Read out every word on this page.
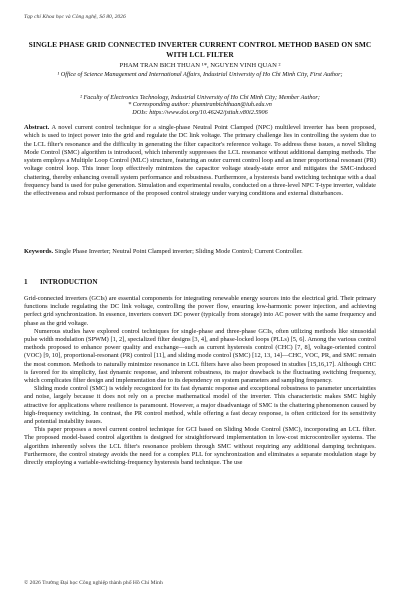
Tạp chí Khoa học và Công nghệ, Số 80, 2026
SINGLE PHASE GRID CONNECTED INVERTER CURRENT CONTROL METHOD BASED ON SMC WITH LCL FILTER
PHAM TRAN BICH THUAN ¹*, NGUYEN VINH QUAN ²
¹ Office of Science Management and International Affairs, Industrial University of Ho Chi Minh City, First Author;
² Faculty of Electronics Technology, Industrial University of Ho Chi Minh City; Member Author;
* Corresponding author: phamtranbichthuan@iuh.edu.vn
DOIs: https://www.doi.org/10.46242/jstiuh.v80i2.5906
Abstract. A novel current control technique for a single-phase Neutral Point Clamped (NPC) multilevel inverter has been proposed, which is used to inject power into the grid and regulate the DC link voltage. The primary challenge lies in controlling the system due to the LCL filter's resonance and the difficulty in generating the filter capacitor's reference voltage. To address these issues, a novel Sliding Mode Control (SMC) algorithm is introduced, which inherently suppresses the LCL resonance without additional damping methods. The system employs a Multiple Loop Control (MLC) structure, featuring an outer current control loop and an inner proportional resonant (PR) voltage control loop. This inner loop effectively minimizes the capacitor voltage steady-state error and mitigates the SMC-induced chattering, thereby enhancing overall system performance and robustness. Furthermore, a hysteresis band switching technique with a dual frequency band is used for pulse generation. Simulation and experimental results, conducted on a three-level NPC T-type inverter, validate the effectiveness and robust performance of the proposed control strategy under varying conditions and external disturbances.
Keywords. Single Phase Inverter; Neutral Point Clamped inverter; Sliding Mode Control; Current Controller.
1 INTRODUCTION

Grid-connected inverters (GCIs) are essential components for integrating renewable energy sources into the electrical grid. Their primary functions include regulating the DC link voltage, controlling the power flow, ensuring low-harmonic power injection, and achieving perfect grid synchronization. In essence, inverters convert DC power (typically from storage) into AC power with the same frequency and phase as the grid voltage.

Numerous studies have explored control techniques for single-phase and three-phase GCIs, often utilizing methods like sinusoidal pulse width modulation (SPWM) [1, 2], specialized filter designs [3, 4], and phase-locked loops (PLLs) [5, 6]. Among the various control methods proposed to enhance power quality and exchange—such as current hysteresis control (CHC) [7, 8], voltage-oriented control (VOC) [9, 10], proportional-resonant (PR) control [11], and sliding mode control (SMC) [12, 13, 14]—CHC, VOC, PR, and SMC remain the most common. Methods to naturally minimize resonance in LCL filters have also been proposed in studies [15,16,17]. Although CHC is favored for its simplicity, fast dynamic response, and inherent robustness, its major drawback is the fluctuating switching frequency, which complicates filter design and implementation due to its dependency on system parameters and sampling frequency.

Sliding mode control (SMC) is widely recognized for its fast dynamic response and exceptional robustness to parameter uncertainties and noise, largely because it does not rely on a precise mathematical model of the inverter. This characteristic makes SMC highly attractive for applications where resilience is paramount. However, a major disadvantage of SMC is the chattering phenomenon caused by high-frequency switching. In contrast, the PR control method, while offering a fast decay response, is often criticized for its sensitivity and potential instability issues.

This paper proposes a novel current control technique for GCI based on Sliding Mode Control (SMC), incorporating an LCL filter. The proposed model-based control algorithm is designed for straightforward implementation in low-cost microcontroller systems. The algorithm inherently solves the LCL filter's resonance problem through SMC without requiring any additional damping techniques. Furthermore, the control strategy avoids the need for a complex PLL for synchronization and eliminates a separate modulation stage by directly employing a variable-switching-frequency hysteresis band technique. The use

© 2026 Trường Đại học Công nghiệp thành phố Hồ Chí Minh
